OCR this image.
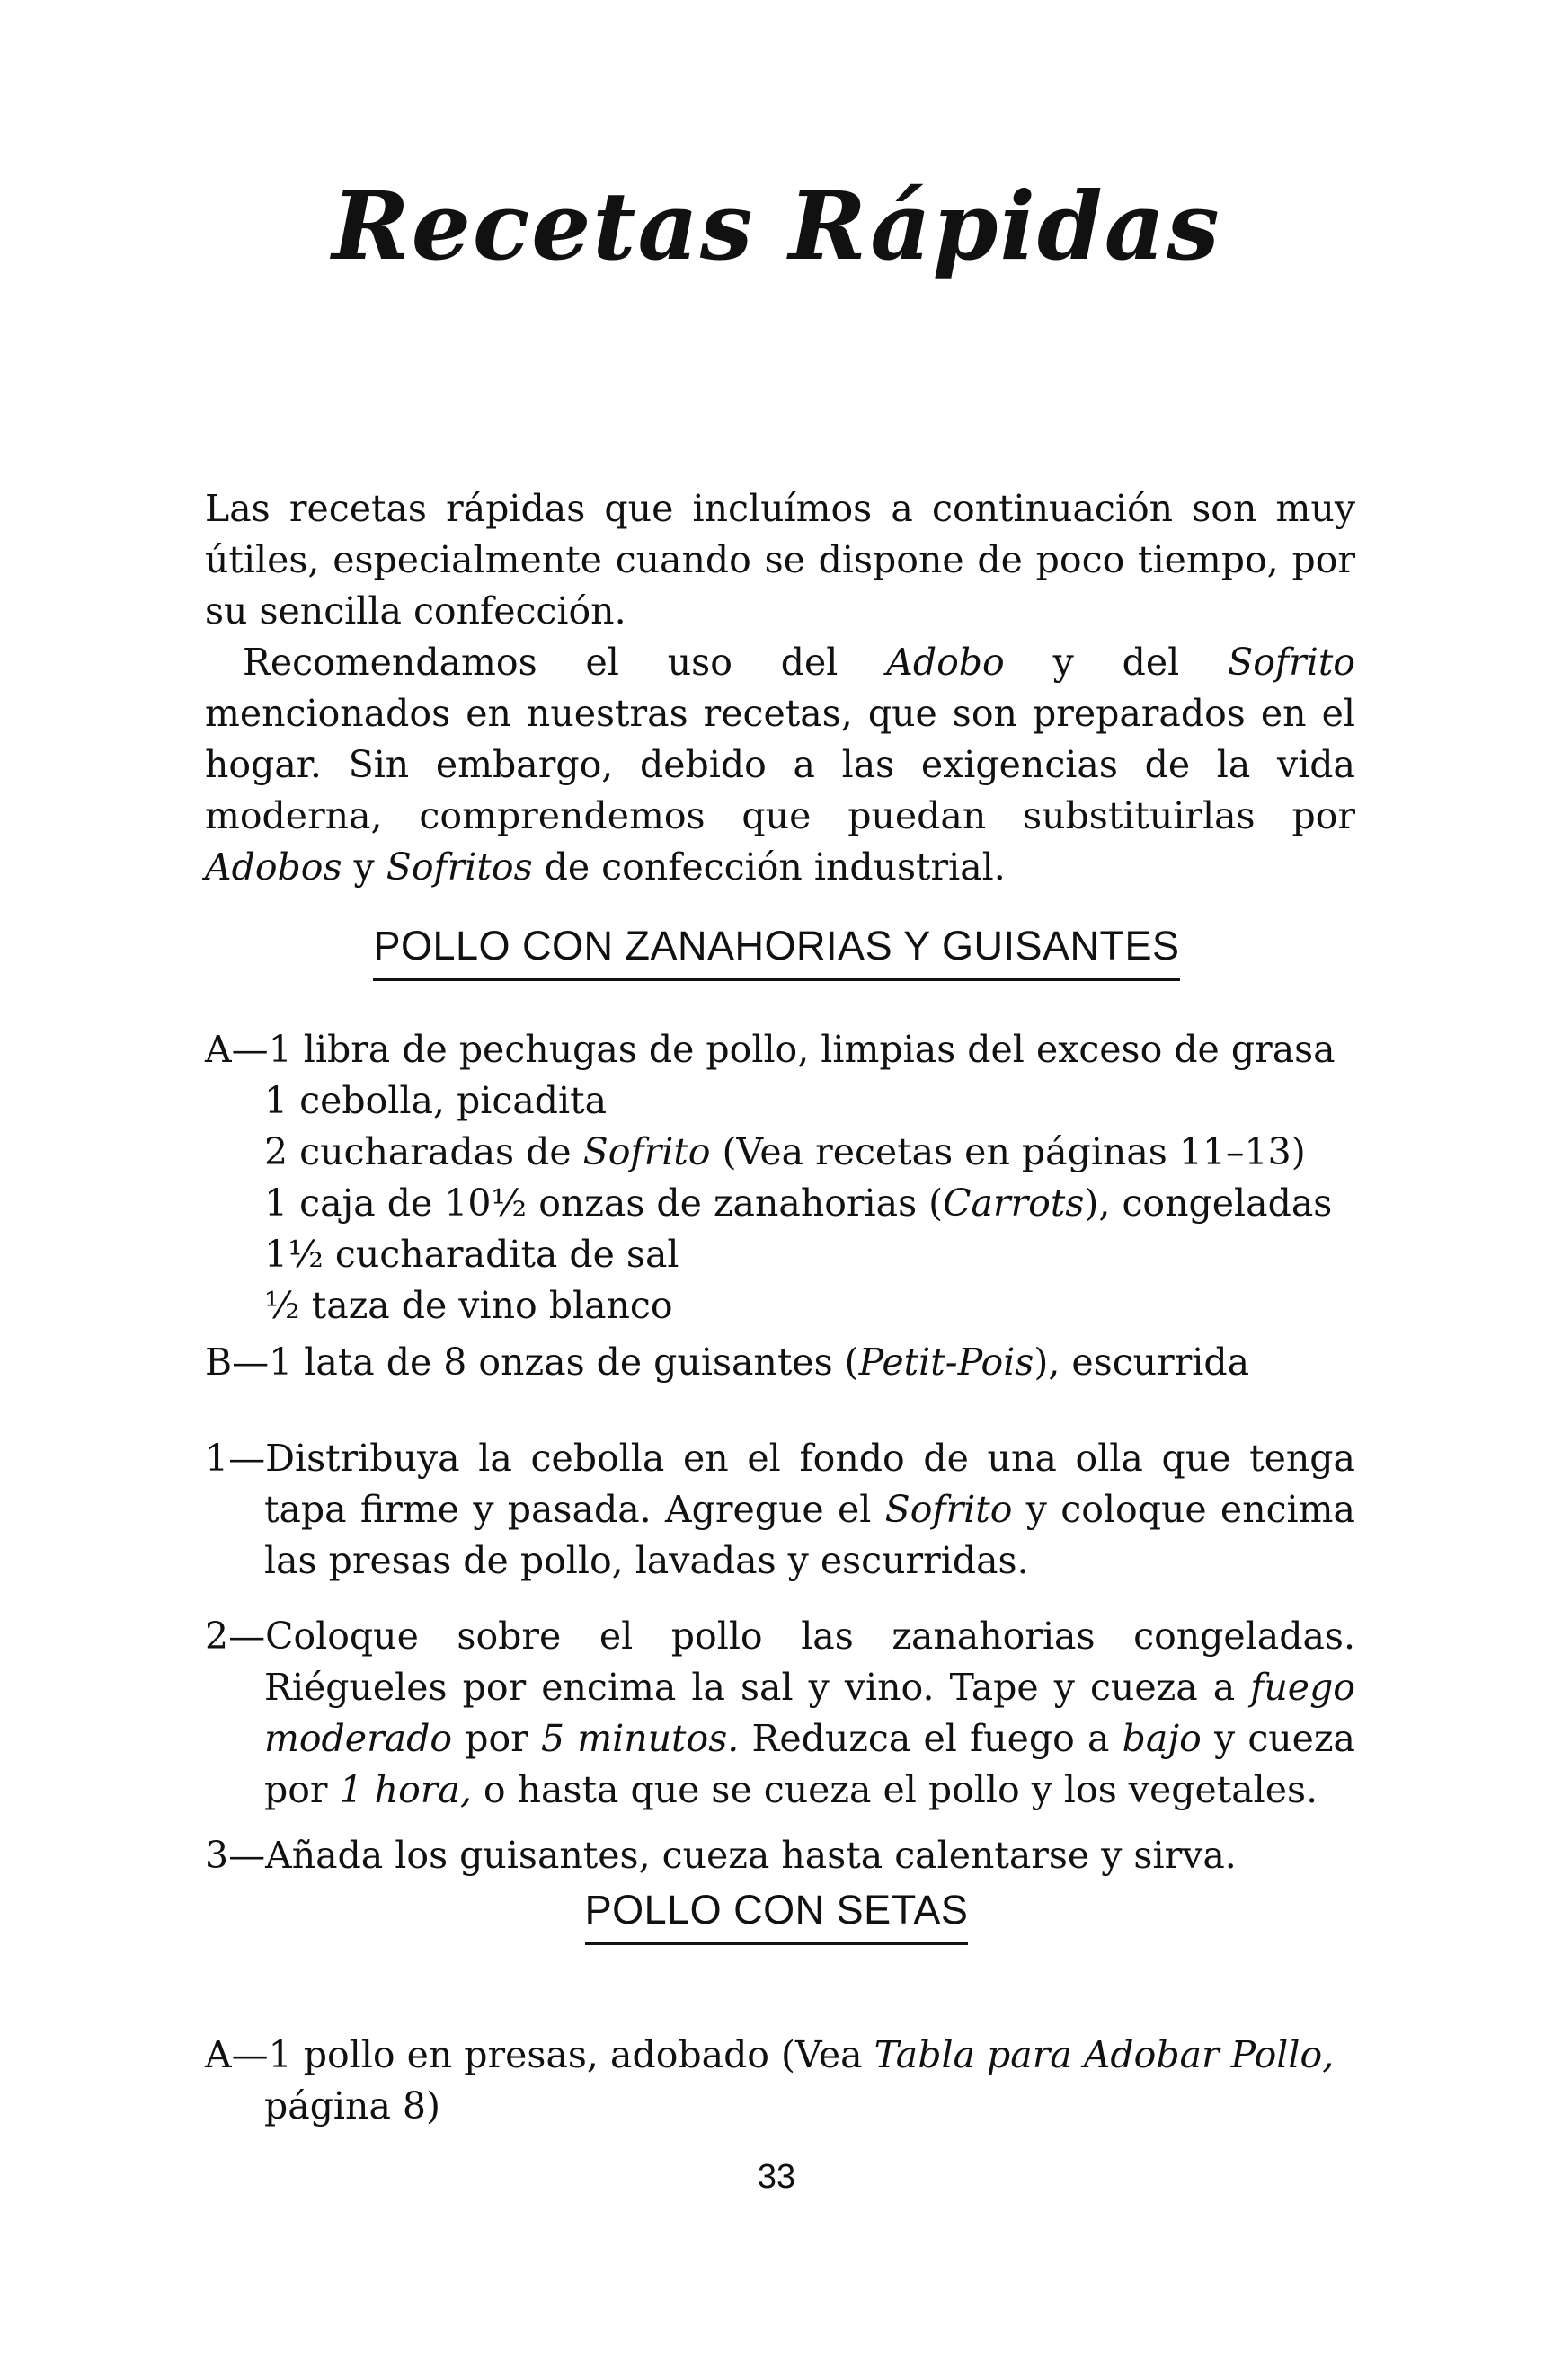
Recetas Rápidas

Las recetas rápidas que incluímos a continuación son muy útiles, especialmente cuando se dispone de poco tiempo, por su sencilla confección.

Recomendamos el uso del Adobo y del Sofrito mencionados en nuestras recetas, que son preparados en el hogar. Sin embargo, debido a las exigencias de la vida moderna, comprendemos que puedan substituirlas por Adobos y Sofritos de confección industrial.

POLLO CON ZANAHORIAS Y GUISANTES
A—1 libra de pechugas de pollo, limpias del exceso de grasa
1 cebolla, picadita
2 cucharadas de Sofrito (Vea recetas en páginas 11–13)
1 caja de 10½ onzas de zanahorias (Carrots), congeladas
1½ cucharadita de sal
½ taza de vino blanco
B—1 lata de 8 onzas de guisantes (Petit-Pois), escurrida
1—Distribuya la cebolla en el fondo de una olla que tenga tapa firme y pasada. Agregue el Sofrito y coloque encima las presas de pollo, lavadas y escurridas.
2—Coloque sobre el pollo las zanahorias congeladas. Riégueles por encima la sal y vino. Tape y cueza a fuego moderado por 5 minutos. Reduzca el fuego a bajo y cueza por 1 hora, o hasta que se cueza el pollo y los vegetales.
3—Añada los guisantes, cueza hasta calentarse y sirva.
POLLO CON SETAS
A—1 pollo en presas, adobado (Vea Tabla para Adobar Pollo,
página 8)
33
